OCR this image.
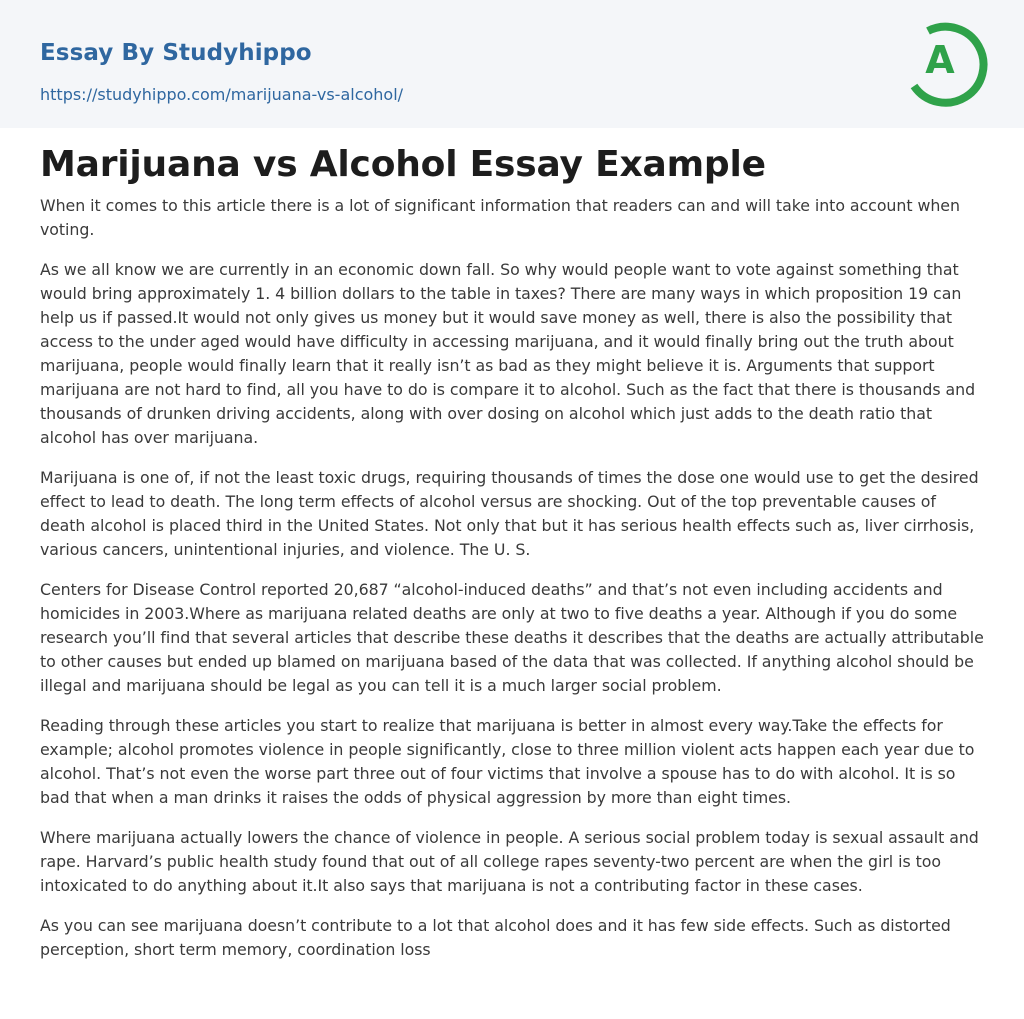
Essay By Studyhippo
https://studyhippo.com/marijuana-vs-alcohol/
A
Marijuana vs Alcohol Essay Example

When it comes to this article there is a lot of significant information that readers can and will take into account when voting.

As we all know we are currently in an economic down fall. So why would people want to vote against something that would bring approximately 1. 4 billion dollars to the table in taxes? There are many ways in which proposition 19 can help us if passed.It would not only gives us money but it would save money as well, there is also the possibility that access to the under aged would have difficulty in accessing marijuana, and it would finally bring out the truth about marijuana, people would finally learn that it really isn’t as bad as they might believe it is. Arguments that support marijuana are not hard to find, all you have to do is compare it to alcohol. Such as the fact that there is thousands and thousands of drunken driving accidents, along with over dosing on alcohol which just adds to the death ratio that alcohol has over marijuana.

Marijuana is one of, if not the least toxic drugs, requiring thousands of times the dose one would use to get the desired effect to lead to death. The long term effects of alcohol versus are shocking. Out of the top preventable causes of death alcohol is placed third in the United States. Not only that but it has serious health effects such as, liver cirrhosis, various cancers, unintentional injuries, and violence. The U. S.

Centers for Disease Control reported 20,687 “alcohol-induced deaths” and that’s not even including accidents and homicides in 2003.Where as marijuana related deaths are only at two to five deaths a year. Although if you do some research you’ll find that several articles that describe these deaths it describes that the deaths are actually attributable to other causes but ended up blamed on marijuana based of the data that was collected. If anything alcohol should be illegal and marijuana should be legal as you can tell it is a much larger social problem.

Reading through these articles you start to realize that marijuana is better in almost every way.Take the effects for example; alcohol promotes violence in people significantly, close to three million violent acts happen each year due to alcohol. That’s not even the worse part three out of four victims that involve a spouse has to do with alcohol. It is so bad that when a man drinks it raises the odds of physical aggression by more than eight times.

Where marijuana actually lowers the chance of violence in people. A serious social problem today is sexual assault and rape. Harvard’s public health study found that out of all college rapes seventy-two percent are when the girl is too intoxicated to do anything about it.It also says that marijuana is not a contributing factor in these cases.

As you can see marijuana doesn’t contribute to a lot that alcohol does and it has few side effects. Such as distorted perception, short term memory, coordination loss
